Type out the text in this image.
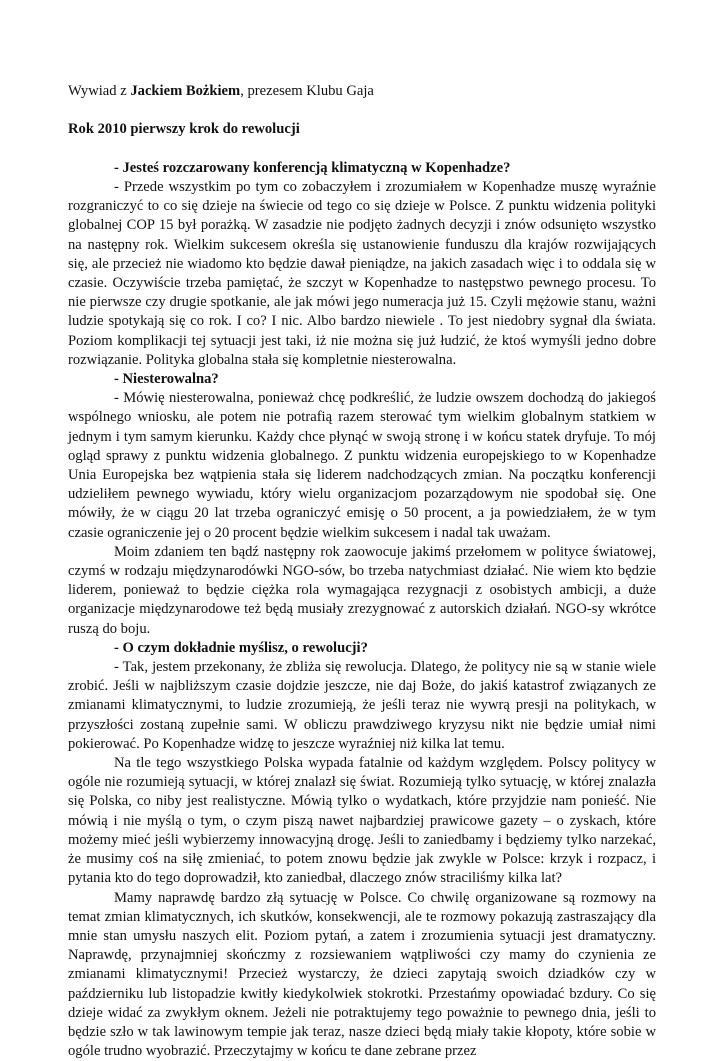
Wywiad z Jackiem Bożkiem, prezesem Klubu Gaja

Rok 2010 pierwszy krok do rewolucji

- Jesteś rozczarowany konferencją klimatyczną w Kopenhadze?

- Przede wszystkim po tym co zobaczyłem i zrozumiałem w Kopenhadze muszę wyraźnie rozgraniczyć to co się dzieje na świecie od tego co się dzieje w Polsce. Z punktu widzenia polityki globalnej COP 15 był porażką. W zasadzie nie podjęto żadnych decyzji i znów odsunięto wszystko na następny rok. Wielkim sukcesem określa się ustanowienie funduszu dla krajów rozwijających się, ale przecież nie wiadomo kto będzie dawał pieniądze, na jakich zasadach więc i to oddala się w czasie. Oczywiście trzeba pamiętać, że szczyt w Kopenhadze to następstwo pewnego procesu. To nie pierwsze czy drugie spotkanie, ale jak mówi jego numeracja już 15. Czyli mężowie stanu, ważni ludzie spotykają się co rok. I co? I nic. Albo bardzo niewiele . To jest niedobry sygnał dla świata. Poziom komplikacji tej sytuacji jest taki, iż nie można się już łudzić, że ktoś wymyśli jedno dobre rozwiązanie. Polityka globalna stała się kompletnie niesterowalna.

- Niesterowalna?

- Mówię niesterowalna, ponieważ chcę podkreślić, że ludzie owszem dochodzą do jakiegoś wspólnego wniosku, ale potem nie potrafią razem sterować tym wielkim globalnym statkiem w jednym i tym samym kierunku. Każdy chce płynąć w swoją stronę i w końcu statek dryfuje. To mój ogląd sprawy z punktu widzenia globalnego. Z punktu widzenia europejskiego to w Kopenhadze Unia Europejska bez wątpienia stała się liderem nadchodzących zmian. Na początku konferencji udzieliłem pewnego wywiadu, który wielu organizacjom pozarządowym nie spodobał się. One mówiły, że w ciągu 20 lat trzeba ograniczyć emisję o 50 procent, a ja powiedziałem, że w tym czasie ograniczenie jej o 20 procent będzie wielkim sukcesem i nadal tak uważam.

Moim zdaniem ten bądź następny rok zaowocuje jakimś przełomem w polityce światowej, czymś w rodzaju międzynarodówki NGO-sów, bo trzeba natychmiast działać. Nie wiem kto będzie liderem, ponieważ to będzie ciężka rola wymagająca rezygnacji z osobistych ambicji, a duże organizacje międzynarodowe też będą musiały zrezygnować z autorskich działań. NGO-sy wkrótce ruszą do boju.

- O czym dokładnie myślisz, o rewolucji?

- Tak, jestem przekonany, że zbliża się rewolucja. Dlatego, że politycy nie są w stanie wiele zrobić. Jeśli w najbliższym czasie dojdzie jeszcze, nie daj Boże, do jakiś katastrof związanych ze zmianami klimatycznymi, to ludzie zrozumieją, że jeśli teraz nie wywrą presji na politykach, w przyszłości zostaną zupełnie sami. W obliczu prawdziwego kryzysu nikt nie będzie umiał nimi pokierować. Po Kopenhadze widzę to jeszcze wyraźniej niż kilka lat temu.

Na tle tego wszystkiego Polska wypada fatalnie od każdym względem. Polscy politycy w ogóle nie rozumieją sytuacji, w której znalazł się świat. Rozumieją tylko sytuację, w której znalazła się Polska, co niby jest realistyczne. Mówią tylko o wydatkach, które przyjdzie nam ponieść. Nie mówią i nie myślą o tym, o czym piszą nawet najbardziej prawicowe gazety – o zyskach, które możemy mieć jeśli wybierzemy innowacyjną drogę. Jeśli to zaniedbamy i będziemy tylko narzekać, że musimy coś na siłę zmieniać, to potem znowu będzie jak zwykle w Polsce: krzyk i rozpacz, i pytania kto do tego doprowadził, kto zaniedbał, dlaczego znów straciliśmy kilka lat?

Mamy naprawdę bardzo złą sytuację w Polsce. Co chwilę organizowane są rozmowy na temat zmian klimatycznych, ich skutków, konsekwencji, ale te rozmowy pokazują zastraszający dla mnie stan umysłu naszych elit. Poziom pytań, a zatem i zrozumienia sytuacji jest dramatyczny. Naprawdę, przynajmniej skończmy z rozsiewaniem wątpliwości czy mamy do czynienia ze zmianami klimatycznymi! Przecież wystarczy, że dzieci zapytają swoich dziadków czy w październiku lub listopadzie kwitły kiedykolwiek stokrotki. Przestańmy opowiadać bzdury. Co się dzieje widać za zwykłym oknem. Jeżeli nie potraktujemy tego poważnie to pewnego dnia, jeśli to będzie szło w tak lawinowym tempie jak teraz, nasze dzieci będą miały takie kłopoty, które sobie w ogóle trudno wyobrazić. Przeczytajmy w końcu te dane zebrane przez
